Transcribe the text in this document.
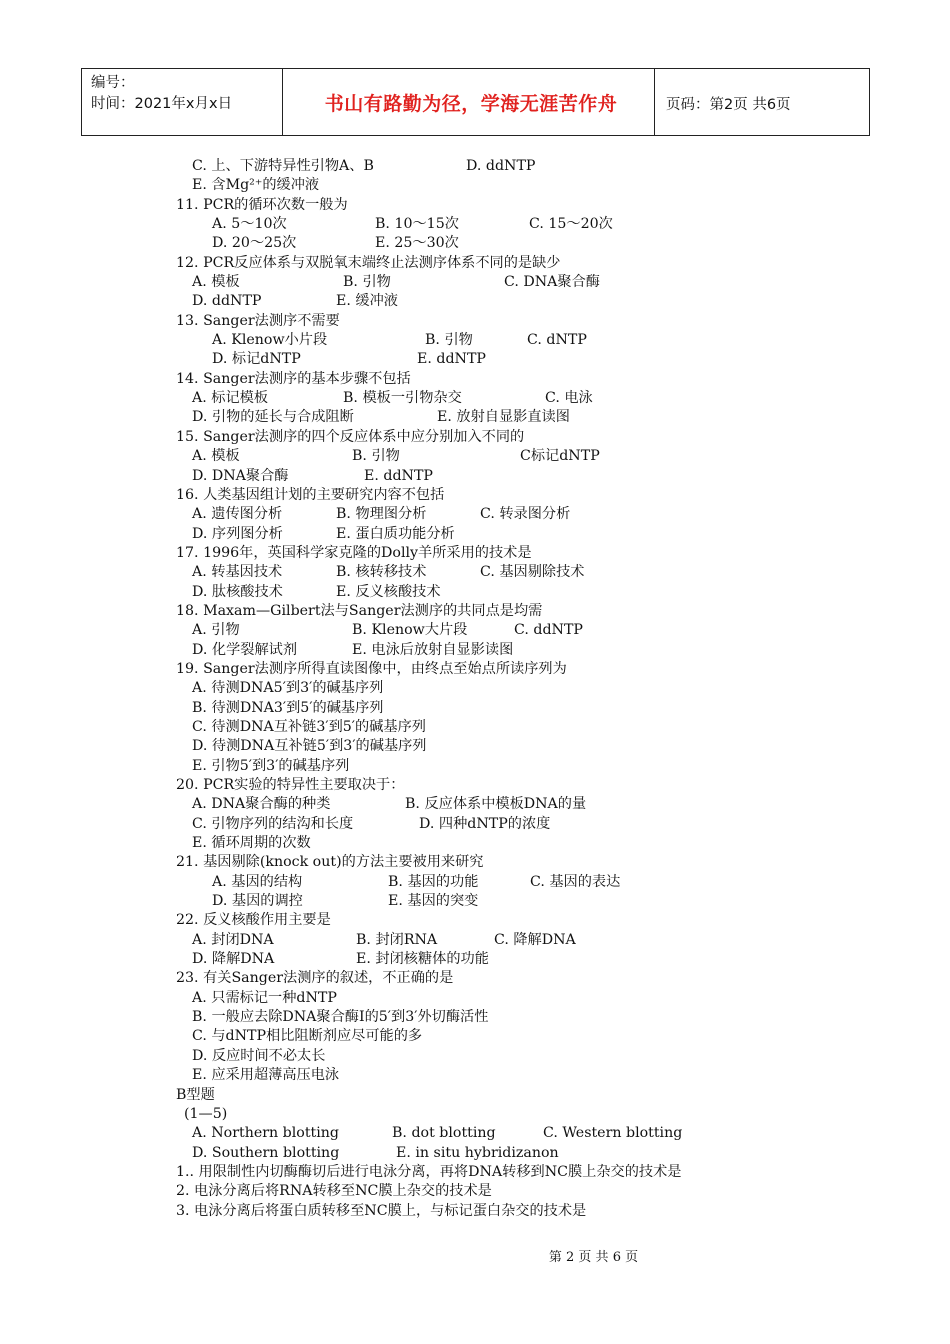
编号：
时间：2021年x月x日	书山有路勤为径，学海无涯苦作舟	页码：第2页 共6页
C. 上、下游特异性引物A、B	D. ddNTP
E. 含Mg²⁺的缓冲液
11. PCR的循环次数一般为
A. 5～10次	B. 10～15次	C. 15～20次
D. 20～25次	E. 25～30次
12. PCR反应体系与双脱氧末端终止法测序体系不同的是缺少
A. 模板	B. 引物	C. DNA聚合酶
D. ddNTP	E. 缓冲液
13. Sanger法测序不需要
A. Klenow小片段	B. 引物	C. dNTP
D. 标记dNTP	E. ddNTP
14. Sanger法测序的基本步骤不包括
A. 标记模板	B. 模板一引物杂交	C. 电泳
D. 引物的延长与合成阻断	E. 放射自显影直读图
15. Sanger法测序的四个反应体系中应分别加入不同的
A. 模板	B. 引物	C标记dNTP
D. DNA聚合酶	E. ddNTP
16. 人类基因组计划的主要研究内容不包括
A. 遗传图分析	B. 物理图分析	C. 转录图分析
D. 序列图分析	E. 蛋白质功能分析
17. 1996年，英国科学家克隆的Dolly羊所采用的技术是
A. 转基因技术	B. 核转移技术	C. 基因剔除技术
D. 肽核酸技术	E. 反义核酸技术
18. Maxam—Gilbert法与Sanger法测序的共同点是均需
A. 引物	B. Klenow大片段	C. ddNTP
D. 化学裂解试剂	E. 电泳后放射自显影读图
19. Sanger法测序所得直读图像中，由终点至始点所读序列为
A. 待测DNA5′到3′的碱基序列
B. 待测DNA3′到5′的碱基序列
C. 待测DNA互补链3′到5′的碱基序列
D. 待测DNA互补链5′到3′的碱基序列
E. 引物5′到3′的碱基序列
20. PCR实验的特异性主要取决于：
A. DNA聚合酶的种类	B. 反应体系中模板DNA的量
C. 引物序列的结沟和长度	D. 四种dNTP的浓度
E. 循环周期的次数
21. 基因剔除(knock out)的方法主要被用来研究
A. 基因的结构	B. 基因的功能	C. 基因的表达
D. 基因的调控	E. 基因的突变
22. 反义核酸作用主要是
A. 封闭DNA	B. 封闭RNA	C. 降解DNA
D. 降解DNA	E. 封闭核糖体的功能
23. 有关Sanger法测序的叙述，不正确的是
A. 只需标记一种dNTP
B. 一般应去除DNA聚合酶Ⅰ的5′到3′外切酶活性
C. 与dNTP相比阻断剂应尽可能的多
D. 反应时间不必太长
E. 应采用超薄高压电泳
B型题
(1—5)
A. Northern blotting	B. dot blotting	C. Western blotting
D. Southern blotting	E. in situ hybridizanon
1.. 用限制性内切酶酶切后进行电泳分离，再将DNA转移到NC膜上杂交的技术是
2. 电泳分离后将RNA转移至NC膜上杂交的技术是
3. 电泳分离后将蛋白质转移至NC膜上，与标记蛋白杂交的技术是
第 2 页 共 6 页
